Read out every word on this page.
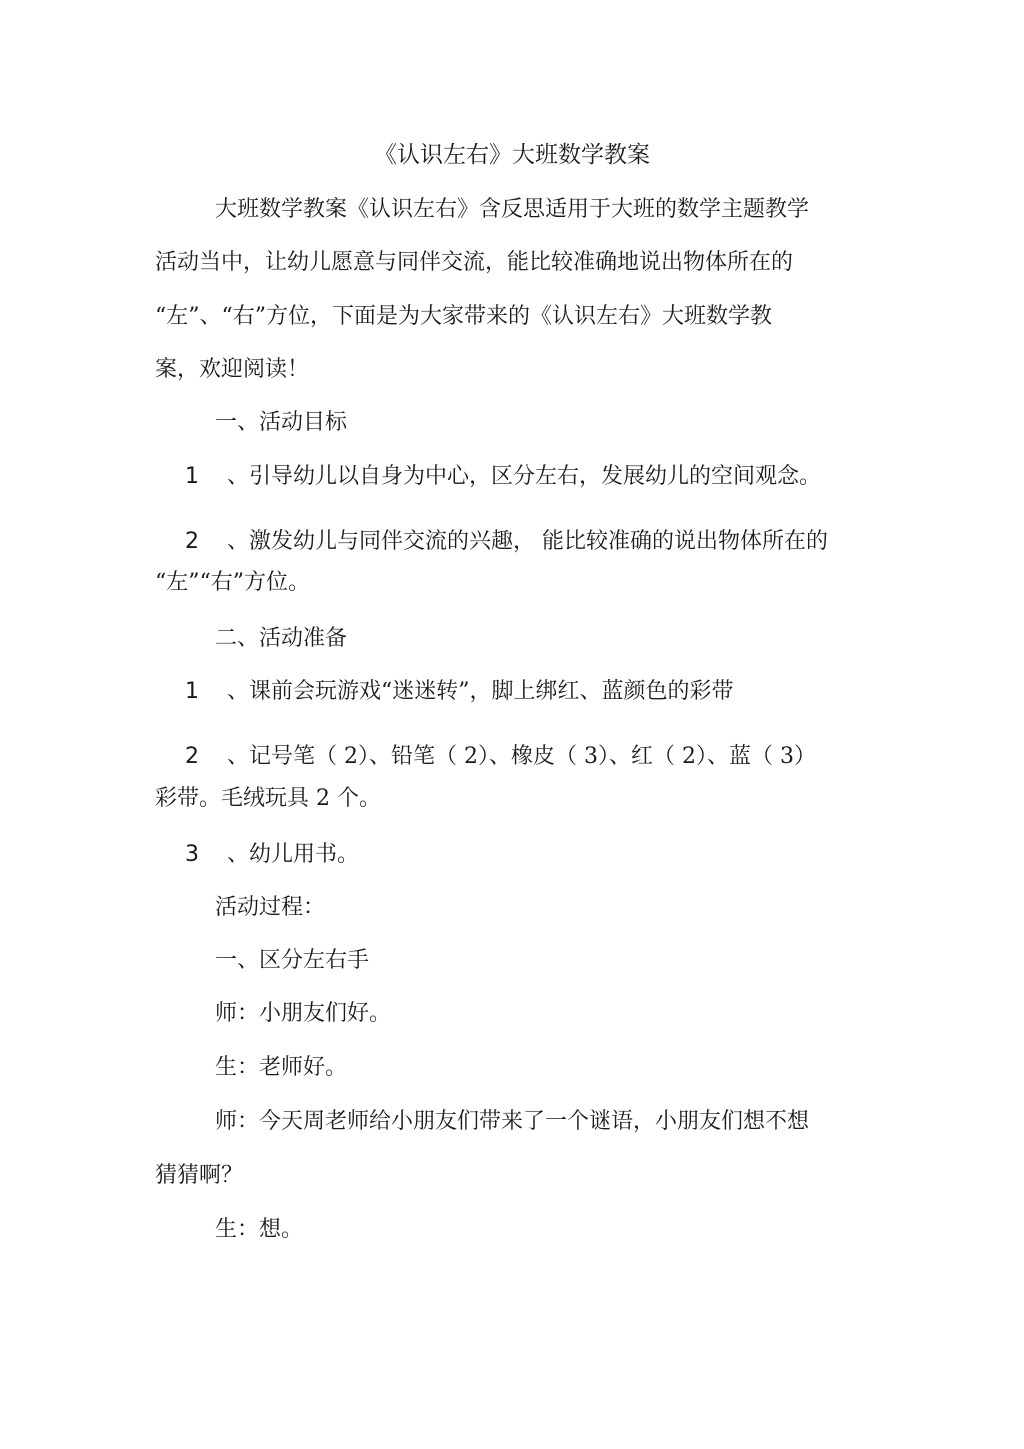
《认识左右》大班数学教案
大班数学教案《认识左右》含反思适用于大班的数学主题教学
活动当中，让幼儿愿意与同伴交流，能比较准确地说出物体所在的
“左”、“右”方位，下面是为大家带来的《认识左右》大班数学教
案，欢迎阅读！
一、活动目标
1 、引导幼儿以自身为中心，区分左右，发展幼儿的空间观念。
2 、激发幼儿与同伴交流的兴趣， 能比较准确的说出物体所在的
“左”“右”方位。
二、活动准备
1 、课前会玩游戏“迷迷转”，脚上绑红、蓝颜色的彩带
2 、记号笔（ 2）、铅笔（ 2）、橡皮（ 3）、红（ 2）、蓝（ 3）
彩带。毛绒玩具 2 个。
3 、幼儿用书。
活动过程：
一、区分左右手
师：小朋友们好。
生：老师好。
师：今天周老师给小朋友们带来了一个谜语，小朋友们想不想
猜猜啊？
生：想。
